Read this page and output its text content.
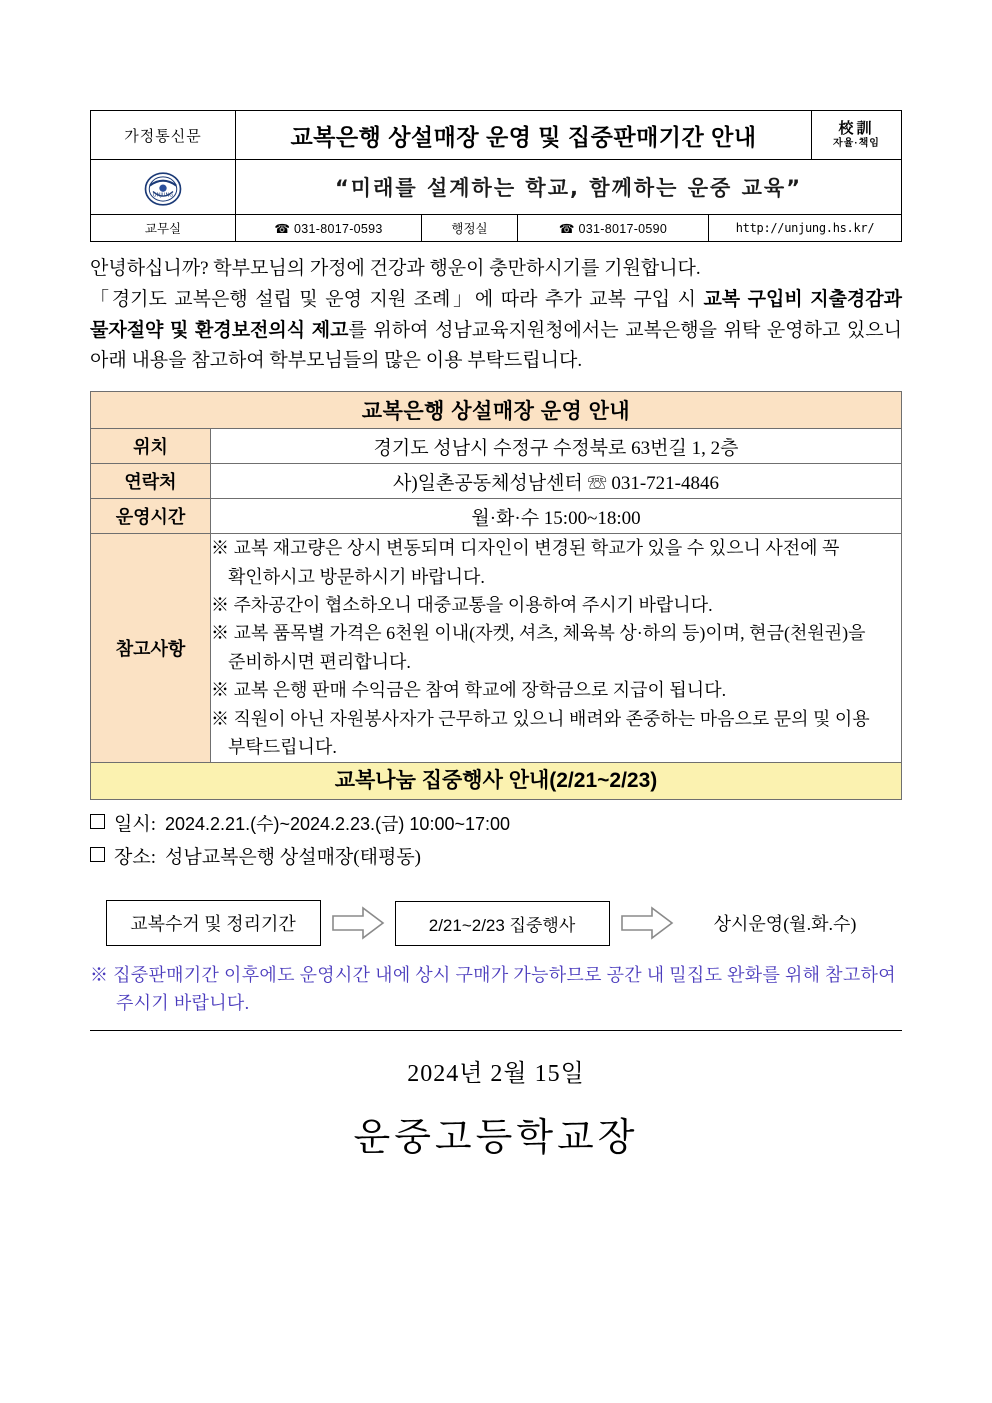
가정통신문	교복은행 상설매장 운영 및 집중판매기간 안내	校訓
자율·책임

UNJUNG	“미래를 설계하는 학교, 함께하는 운중 교육”
교무실		☎ 031-8017-0593	행정실	☎ 031-8017-0590	http://unjung.hs.kr/
안녕하십니까? 학부모님의 가정에 건강과 행운이 충만하시기를 기원합니다.
「경기도 교복은행 설립 및 운영 지원 조례」에 따라 추가 교복 구입 시 교복 구입비 지출경감과 물자절약 및 환경보전의식 제고를 위하여 성남교육지원청에서는 교복은행을 위탁 운영하고 있으니 아래 내용을 참고하여 학부모님들의 많은 이용 부탁드립니다.
교복은행 상설매장 운영 안내	
위치	경기도 성남시 수정구 수정북로 63번길 1, 2층
연락처	사)일촌공동체성남센터 ☏ 031-721-4846
운영시간	월·화·수 15:00~18:00
참고사항	※ 교복 재고량은 상시 변동되며 디자인이 변경된 학교가 있을 수 있으니 사전에 꼭 확인하시고 방문하시기 바랍니다.
※ 주차공간이 협소하오니 대중교통을 이용하여 주시기 바랍니다.
※ 교복 품목별 가격은 6천원 이내(자켓, 셔츠, 체육복 상·하의 등)이며, 현금(천원권)을 준비하시면 편리합니다.
※ 교복 은행 판매 수익금은 참여 학교에 장학금으로 지급이 됩니다.
※ 직원이 아닌 자원봉사자가 근무하고 있으니 배려와 존중하는 마음으로 문의 및 이용 부탁드립니다.
교복나눔 집중행사 안내(2/21~2/23)
일시: 2024.2.21.(수)~2024.2.23.(금) 10:00~17:00
장소: 성남교복은행 상설매장(태평동)
교복수거 및 정리기간	2/21~2/23 집중행사	상시운영(월.화.수)
※ 집중판매기간 이후에도 운영시간 내에 상시 구매가 가능하므로 공간 내 밀집도 완화를 위해 참고하여 주시기 바랍니다.
2024년 2월 15일
운중고등학교장
